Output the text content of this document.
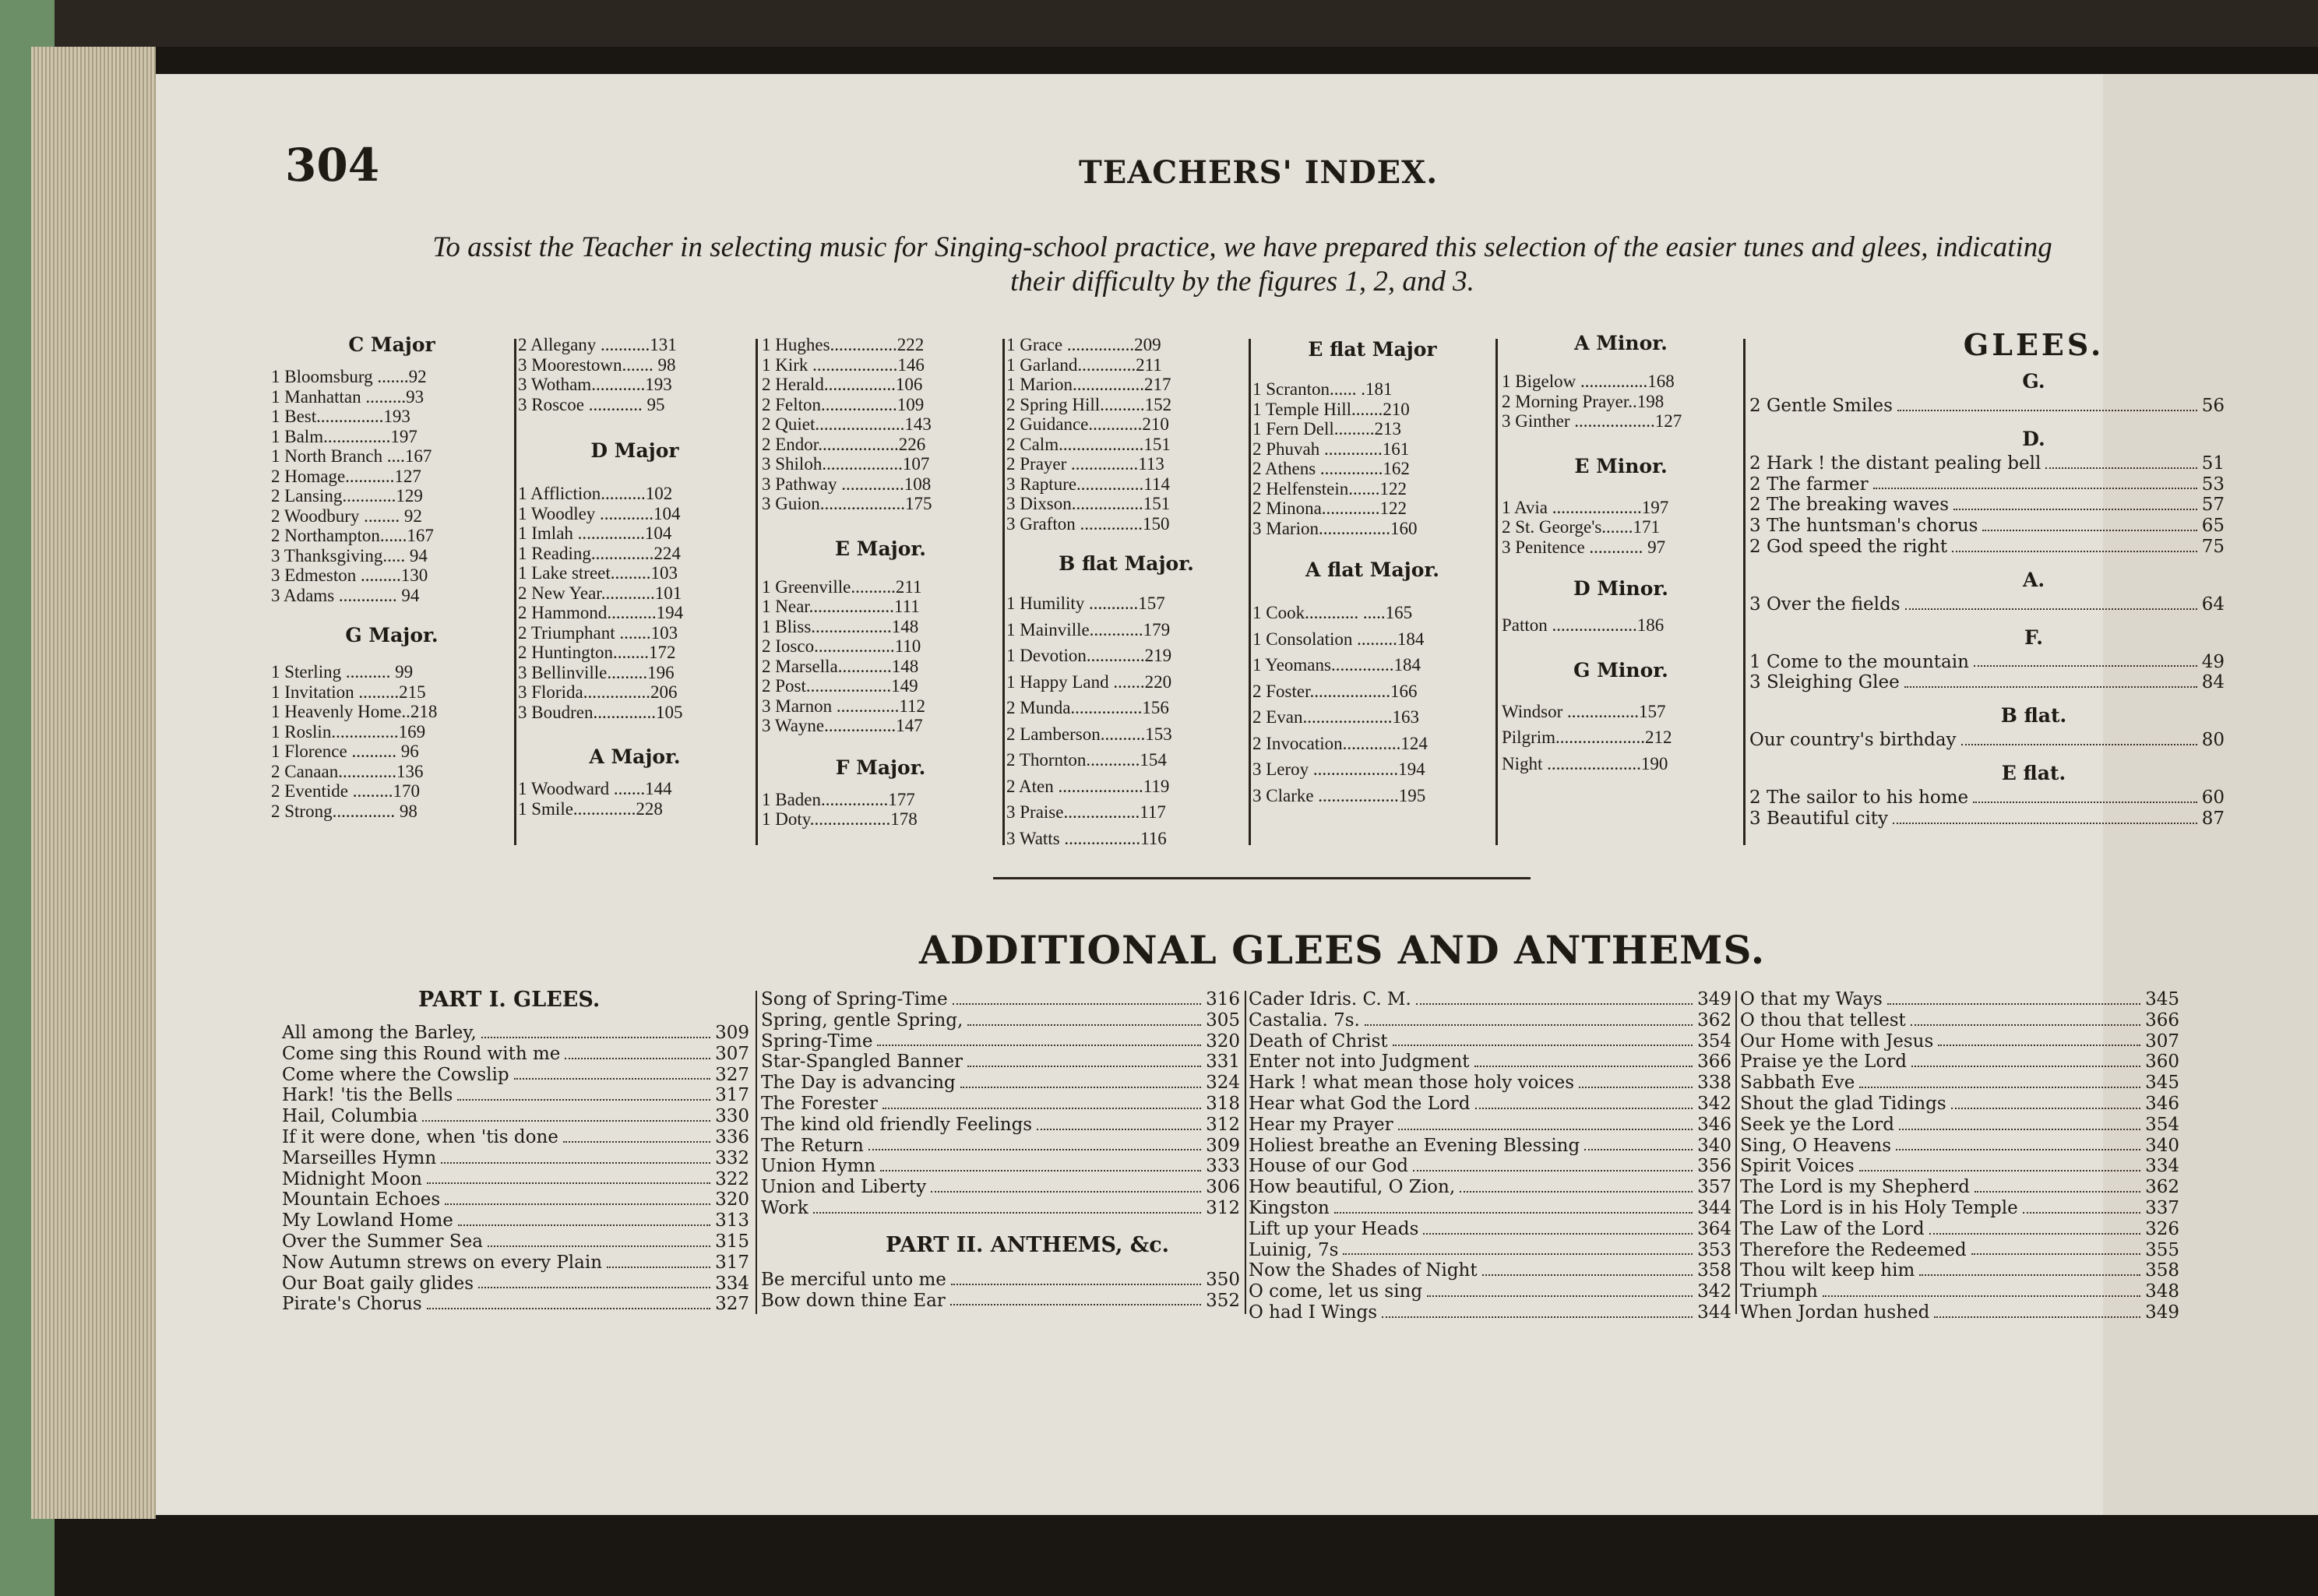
304	TEACHERS' INDEX.
To assist the Teacher in selecting music for Singing-school practice, we have prepared this selection of the easier tunes and glees, indicating
their difficulty by the figures 1, 2, and 3.
C Major
1 Bloomsburg .......92
1 Manhattan .........93
1 Best...............193
1 Balm...............197
1 North Branch ....167
2 Homage...........127
2 Lansing............129
2 Woodbury ........ 92
2 Northampton......167
3 Thanksgiving..... 94
3 Edmeston .........130
3 Adams ............. 94
G Major.
1 Sterling .......... 99
1 Invitation .........215
1 Heavenly Home..218
1 Roslin...............169
1 Florence .......... 96
2 Canaan.............136
2 Eventide .........170
2 Strong.............. 98
2 Allegany ...........131
3 Moorestown....... 98
3 Wotham............193
3 Roscoe ............ 95
D Major
1 Affliction..........102
1 Woodley ............104
1 Imlah ...............104
1 Reading..............224
1 Lake street.........103
2 New Year............101
2 Hammond...........194
2 Triumphant .......103
2 Huntington........172
3 Bellinville.........196
3 Florida...............206
3 Boudren..............105
A Major.
1 Woodward .......144
1 Smile..............228
1 Hughes...............222
1 Kirk ...................146
2 Herald................106
2 Felton.................109
2 Quiet....................143
2 Endor..................226
3 Shiloh..................107
3 Pathway ..............108
3 Guion...................175
E Major.
1 Greenville..........211
1 Near...................111
1 Bliss..................148
2 Iosco..................110
2 Marsella............148
2 Post...................149
3 Marnon ..............112
3 Wayne................147
F Major.
1 Baden...............177
1 Doty..................178
1 Grace ...............209
1 Garland.............211
1 Marion................217
2 Spring Hill..........152
2 Guidance............210
2 Calm...................151
2 Prayer ...............113
3 Rapture...............114
3 Dixson................151
3 Grafton ..............150
B flat Major.
1 Humility ...........157
1 Mainville............179
1 Devotion.............219
1 Happy Land .......220
2 Munda................156
2 Lamberson..........153
2 Thornton............154
2 Aten ...................119
3 Praise.................117
3 Watts .................116
E flat Major
1 Scranton...... .181
1 Temple Hill.......210
1 Fern Dell.........213
2 Phuvah .............161
2 Athens ..............162
2 Helfenstein.......122
2 Minona.............122
3 Marion................160
A flat Major.
1 Cook............ .....165
1 Consolation .........184
1 Yeomans..............184
2 Foster..................166
2 Evan....................163
2 Invocation.............124
3 Leroy ...................194
3 Clarke ..................195
A Minor.
1 Bigelow ...............168
2 Morning Prayer..198
3 Ginther ..................127
E Minor.
1 Avia ....................197
2 St. George's.......171
3 Penitence ............ 97
D Minor.
Patton ...................186
G Minor.
Windsor ................157
Pilgrim....................212
Night .....................190
GLEES.
G.
2 Gentle Smiles	56
D.
2 Hark ! the distant pealing bell	51
2 The farmer	53
2 The breaking waves	57
3 The huntsman's chorus	65
2 God speed the right	75
A.
3 Over the fields	64
F.
1 Come to the mountain	49
3 Sleighing Glee	84
B flat.
Our country's birthday	80
E flat.
2 The sailor to his home	60
3 Beautiful city	87
ADDITIONAL GLEES AND ANTHEMS.
PART I. GLEES.
All among the Barley,	309
Come sing this Round with me	307
Come where the Cowslip	327
Hark! 'tis the Bells	317
Hail, Columbia	330
If it were done, when 'tis done	336
Marseilles Hymn	332
Midnight Moon	322
Mountain Echoes	320
My Lowland Home	313
Over the Summer Sea	315
Now Autumn strews on every Plain	317
Our Boat gaily glides	334
Pirate's Chorus	327
Song of Spring-Time	316
Spring, gentle Spring,	305
Spring-Time	320
Star-Spangled Banner	331
The Day is advancing	324
The Forester	318
The kind old friendly Feelings	312
The Return	309
Union Hymn	333
Union and Liberty	306
Work	312
PART II. ANTHEMS, &c.
Be merciful unto me	350
Bow down thine Ear	352
Cader Idris. C. M.	349
Castalia. 7s.	362
Death of Christ	354
Enter not into Judgment	366
Hark ! what mean those holy voices	338
Hear what God the Lord	342
Hear my Prayer	346
Holiest breathe an Evening Blessing	340
House of our God	356
How beautiful, O Zion,	357
Kingston	344
Lift up your Heads	364
Luinig, 7s	353
Now the Shades of Night	358
O come, let us sing	342
O had I Wings	344
O that my Ways	345
O thou that tellest	366
Our Home with Jesus	307
Praise ye the Lord	360
Sabbath Eve	345
Shout the glad Tidings	346
Seek ye the Lord	354
Sing, O Heavens	340
Spirit Voices	334
The Lord is my Shepherd	362
The Lord is in his Holy Temple	337
The Law of the Lord	326
Therefore the Redeemed	355
Thou wilt keep him	358
Triumph	348
When Jordan hushed	349
